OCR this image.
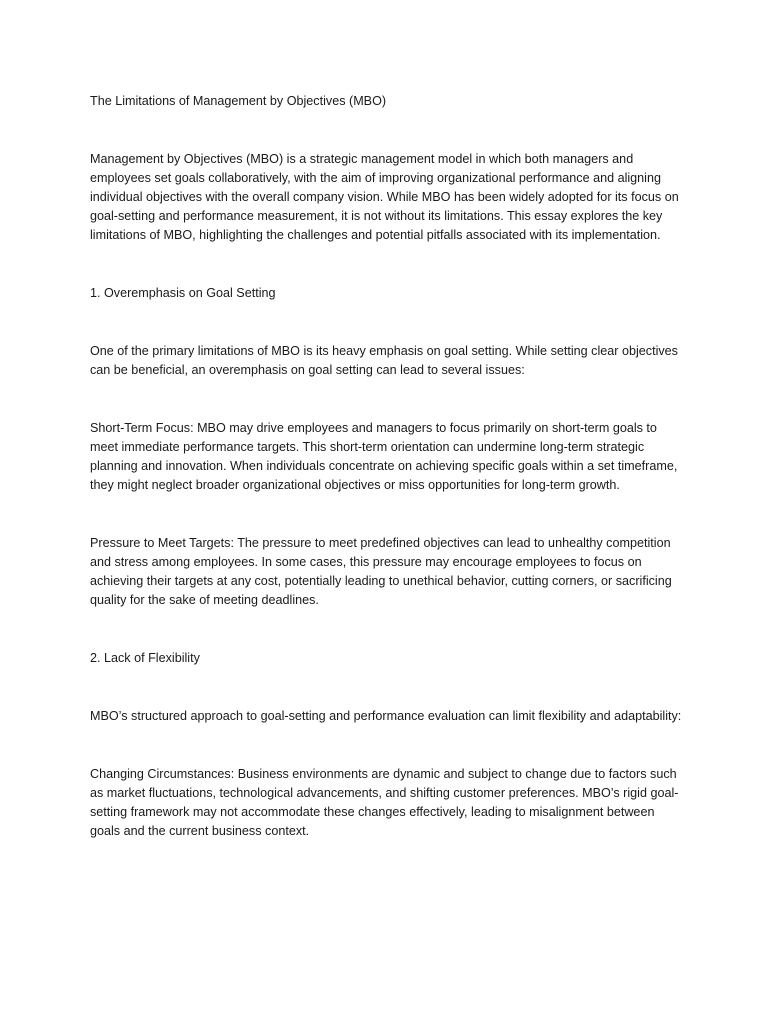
The Limitations of Management by Objectives (MBO)

Management by Objectives (MBO) is a strategic management model in which both managers and employees set goals collaboratively, with the aim of improving organizational performance and aligning individual objectives with the overall company vision. While MBO has been widely adopted for its focus on goal-setting and performance measurement, it is not without its limitations. This essay explores the key limitations of MBO, highlighting the challenges and potential pitfalls associated with its implementation.

1. Overemphasis on Goal Setting

One of the primary limitations of MBO is its heavy emphasis on goal setting. While setting clear objectives can be beneficial, an overemphasis on goal setting can lead to several issues:

Short-Term Focus: MBO may drive employees and managers to focus primarily on short-term goals to meet immediate performance targets. This short-term orientation can undermine long-term strategic planning and innovation. When individuals concentrate on achieving specific goals within a set timeframe, they might neglect broader organizational objectives or miss opportunities for long-term growth.

Pressure to Meet Targets: The pressure to meet predefined objectives can lead to unhealthy competition and stress among employees. In some cases, this pressure may encourage employees to focus on achieving their targets at any cost, potentially leading to unethical behavior, cutting corners, or sacrificing quality for the sake of meeting deadlines.

2. Lack of Flexibility

MBO’s structured approach to goal-setting and performance evaluation can limit flexibility and adaptability:

Changing Circumstances: Business environments are dynamic and subject to change due to factors such as market fluctuations, technological advancements, and shifting customer preferences. MBO’s rigid goal-setting framework may not accommodate these changes effectively, leading to misalignment between goals and the current business context.
